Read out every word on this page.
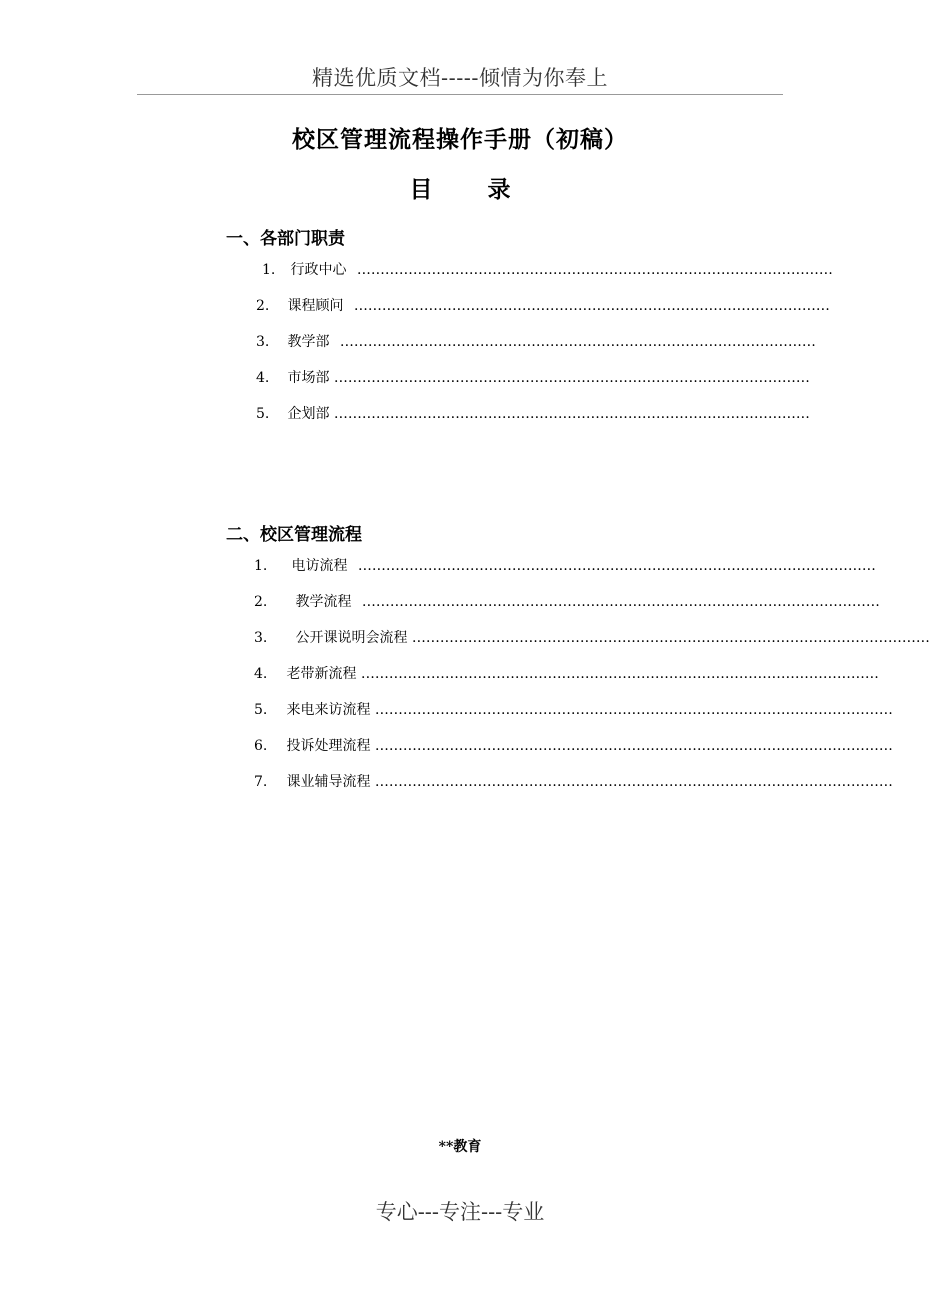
精选优质文档-----倾情为你奉上
校区管理流程操作手册（初稿）
目录
一、各部门职责
1. 行政中心 …………………………………………………………………………………………
2. 课程顾问 …………………………………………………………………………………………
3. 教学部 …………………………………………………………………………………………
4. 市场部 …………………………………………………………………………………………
5. 企划部 …………………………………………………………………………………………
二、校区管理流程
1. 电访流程 …………………………………………………………………………………………………
2. 教学流程 …………………………………………………………………………………………………
3. 公开课说明会流程 …………………………………………………………………………………………………
4. 老带新流程 …………………………………………………………………………………………………
5. 来电来访流程 …………………………………………………………………………………………………
6. 投诉处理流程 …………………………………………………………………………………………………
7. 课业辅导流程 …………………………………………………………………………………………………
**教育
专心---专注---专业
